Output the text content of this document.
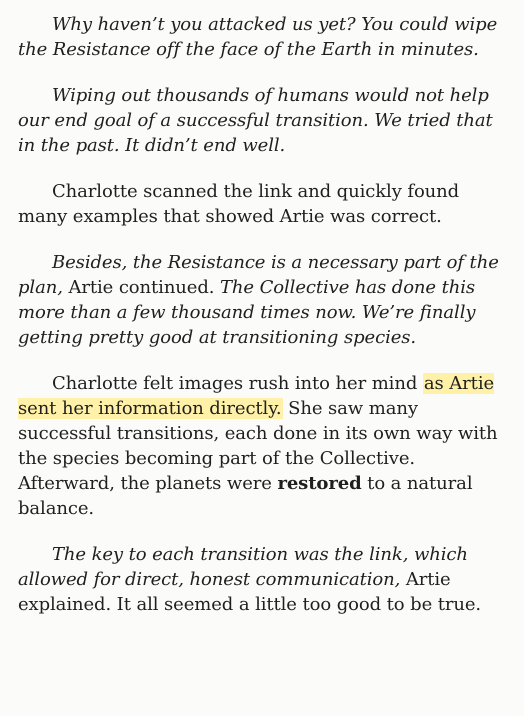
Why haven’t you attacked us yet? You could wipe the Resistance off the face of the Earth in minutes.

Wiping out thousands of humans would not help our end goal of a successful transition. We tried that in the past. It didn’t end well.

Charlotte scanned the link and quickly found many examples that showed Artie was correct.

Besides, the Resistance is a necessary part of the plan, Artie continued. The Collective has done this more than a few thousand times now. We’re finally getting pretty good at transitioning species.

Charlotte felt images rush into her mind as Artie sent her information directly. She saw many successful transitions, each done in its own way with the species becoming part of the Collective. Afterward, the planets were restored to a natural balance.

The key to each transition was the link, which allowed for direct, honest communication, Artie explained. It all seemed a little too good to be true.
